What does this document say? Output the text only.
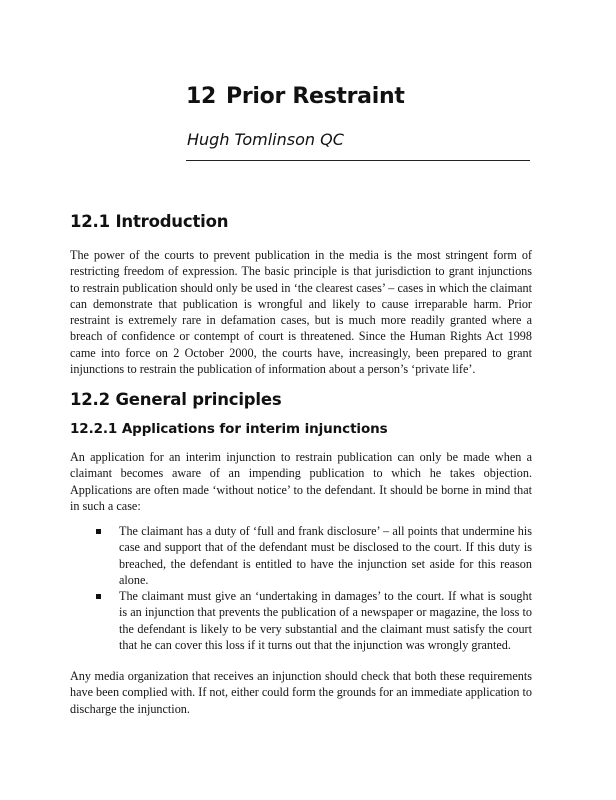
12 Prior Restraint
Hugh Tomlinson QC
12.1 Introduction

The power of the courts to prevent publication in the media is the most stringent form of restricting freedom of expression. The basic principle is that jurisdiction to grant injunctions to restrain publication should only be used in ‘the clearest cases’ – cases in which the claimant can demonstrate that publication is wrongful and likely to cause irreparable harm. Prior restraint is extremely rare in defamation cases, but is much more readily granted where a breach of confidence or contempt of court is threatened. Since the Human Rights Act 1998 came into force on 2 October 2000, the courts have, increasingly, been prepared to grant injunctions to restrain the publication of information about a person’s ‘private life’.

12.2 General principles
12.2.1 Applications for interim injunctions

An application for an interim injunction to restrain publication can only be made when a claimant becomes aware of an impending publication to which he takes objection. Applications are often made ‘without notice’ to the defendant. It should be borne in mind that in such a case:

The claimant has a duty of ‘full and frank disclosure’ – all points that undermine his case and support that of the defendant must be disclosed to the court. If this duty is breached, the defendant is entitled to have the injunction set aside for this reason alone.
The claimant must give an ‘undertaking in damages’ to the court. If what is sought is an injunction that prevents the publication of a newspaper or magazine, the loss to the defendant is likely to be very substantial and the claimant must satisfy the court that he can cover this loss if it turns out that the injunction was wrongly granted.

Any media organization that receives an injunction should check that both these requirements have been complied with. If not, either could form the grounds for an immediate application to discharge the injunction.
